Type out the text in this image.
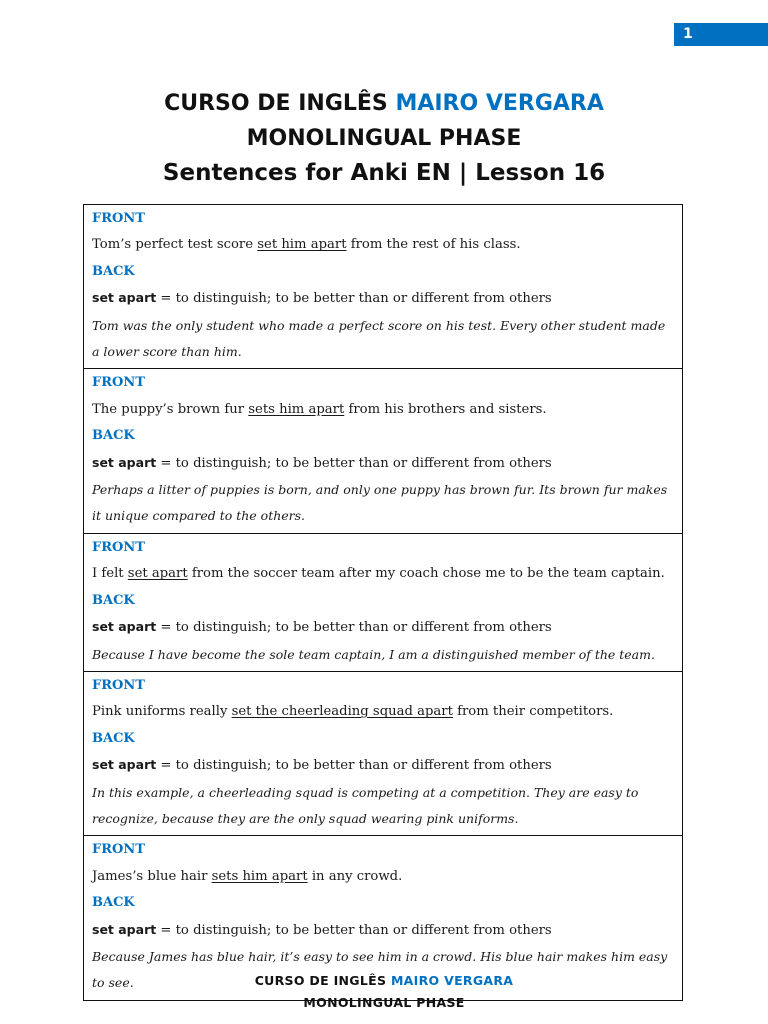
1
CURSO DE INGLÊS MAIRO VERGARA
MONOLINGUAL PHASE
Sentences for Anki EN | Lesson 16
FRONT
Tom’s perfect test score set him apart from the rest of his class.
BACK
set apart = to distinguish; to be better than or different from others
Tom was the only student who made a perfect score on his test. Every other student made a lower score than him.
FRONT
The puppy’s brown fur sets him apart from his brothers and sisters.
BACK
set apart = to distinguish; to be better than or different from others
Perhaps a litter of puppies is born, and only one puppy has brown fur. Its brown fur makes it unique compared to the others.
FRONT
I felt set apart from the soccer team after my coach chose me to be the team captain.
BACK
set apart = to distinguish; to be better than or different from others
Because I have become the sole team captain, I am a distinguished member of the team.
FRONT
Pink uniforms really set the cheerleading squad apart from their competitors.
BACK
set apart = to distinguish; to be better than or different from others
In this example, a cheerleading squad is competing at a competition. They are easy to recognize, because they are the only squad wearing pink uniforms.
FRONT
James’s blue hair sets him apart in any crowd.
BACK
set apart = to distinguish; to be better than or different from others
Because James has blue hair, it’s easy to see him in a crowd. His blue hair makes him easy to see.	CURSO DE INGLÊS MAIRO VERGARA
MONOLINGUAL PHASE
